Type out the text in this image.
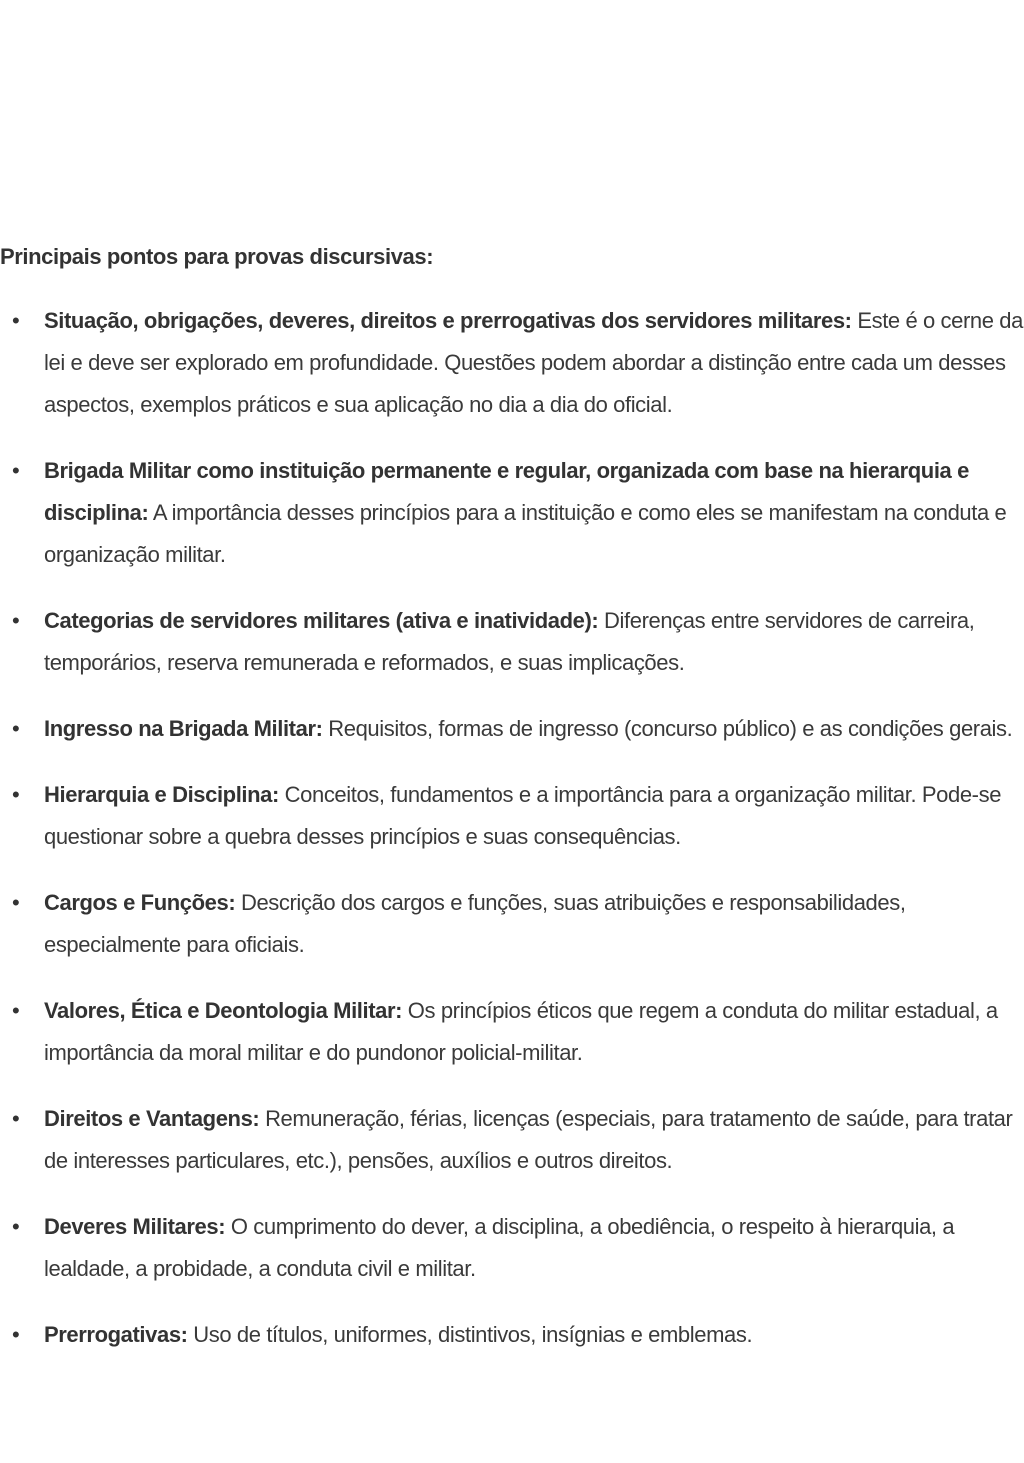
Principais pontos para provas discursivas:

• Situação, obrigações, deveres, direitos e prerrogativas dos servidores militares: Este é o cerne da lei e deve ser explorado em profundidade. Questões podem abordar a distinção entre cada um desses aspectos, exemplos práticos e sua aplicação no dia a dia do oficial.
• Brigada Militar como instituição permanente e regular, organizada com base na hierarquia e disciplina: A importância desses princípios para a instituição e como eles se manifestam na conduta e organização militar.
• Categorias de servidores militares (ativa e inatividade): Diferenças entre servidores de carreira, temporários, reserva remunerada e reformados, e suas implicações.
• Ingresso na Brigada Militar: Requisitos, formas de ingresso (concurso público) e as condições gerais.
• Hierarquia e Disciplina: Conceitos, fundamentos e a importância para a organização militar. Pode-se questionar sobre a quebra desses princípios e suas consequências.
• Cargos e Funções: Descrição dos cargos e funções, suas atribuições e responsabilidades, especialmente para oficiais.
• Valores, Ética e Deontologia Militar: Os princípios éticos que regem a conduta do militar estadual, a importância da moral militar e do pundonor policial-militar.
• Direitos e Vantagens: Remuneração, férias, licenças (especiais, para tratamento de saúde, para tratar de interesses particulares, etc.), pensões, auxílios e outros direitos.
• Deveres Militares: O cumprimento do dever, a disciplina, a obediência, o respeito à hierarquia, a lealdade, a probidade, a conduta civil e militar.
• Prerrogativas: Uso de títulos, uniformes, distintivos, insígnias e emblemas.
